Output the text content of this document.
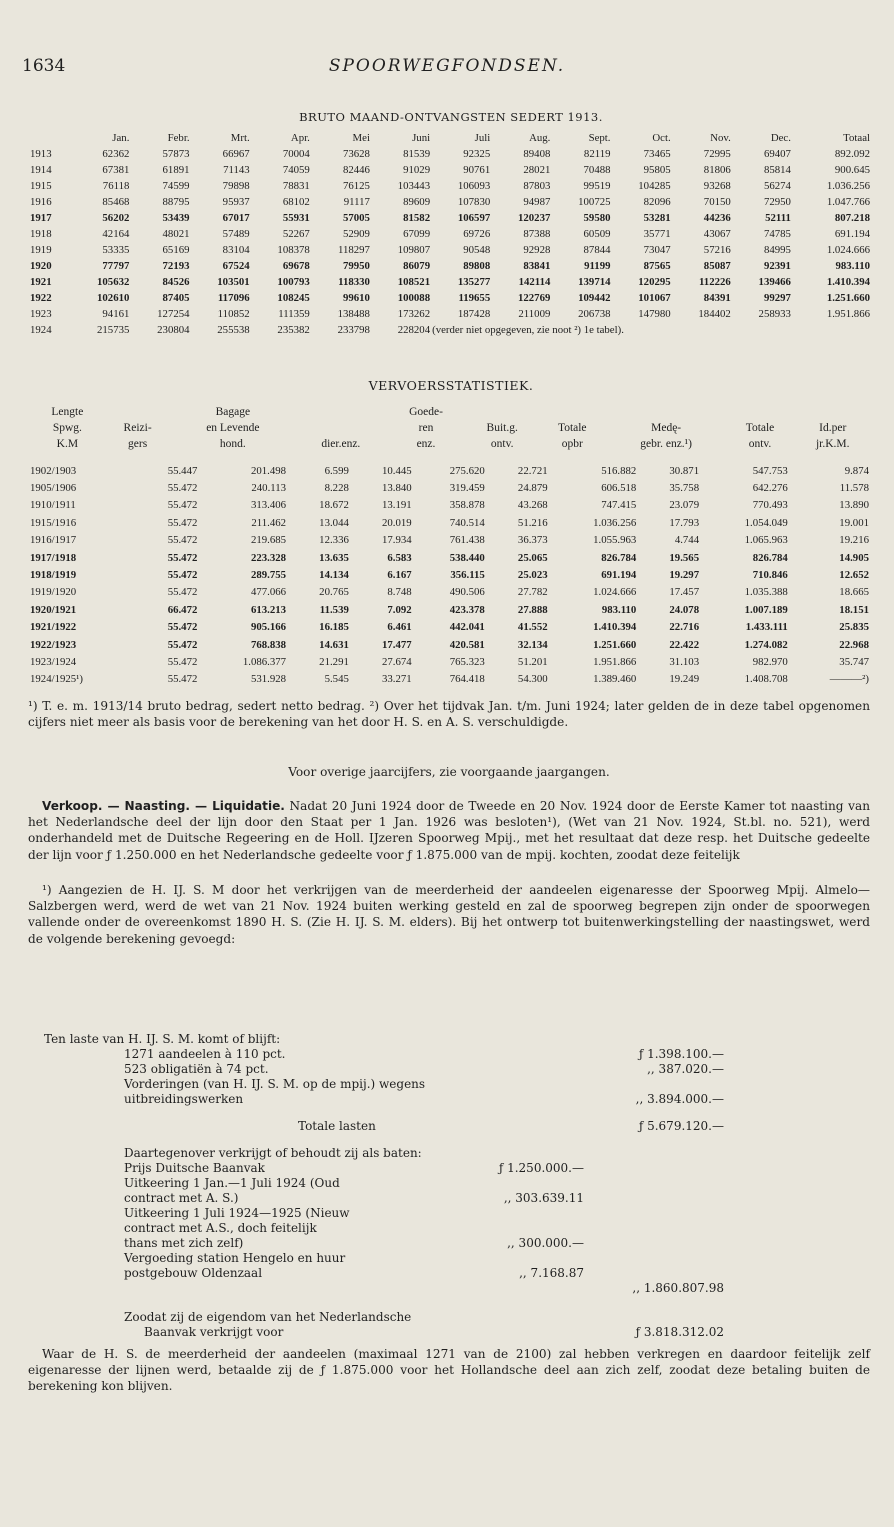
1634	SPOORWEGFONDSEN.
BRUTO MAAND-ONTVANGSTEN SEDERT 1913.
	Jan.	Febr.	Mrt.	Apr.	Mei	Juni	Juli	Aug.	Sept.	Oct.	Nov.	Dec.	Totaal
1913	62362	57873	66967	70004	73628	81539	92325	89408	82119	73465	72995	69407	892.092
1914	67381	61891	71143	74059	82446	91029	90761	28021	70488	95805	81806	85814	900.645
1915	76118	74599	79898	78831	76125	103443	106093	87803	99519	104285	93268	56274	1.036.256
1916	85468	88795	95937	68102	91117	89609	107830	94987	100725	82096	70150	72950	1.047.766
1917	56202	53439	67017	55931	57005	81582	106597	120237	59580	53281	44236	52111	807.218
1918	42164	48021	57489	52267	52909	67099	69726	87388	60509	35771	43067	74785	691.194
1919	53335	65169	83104	108378	118297	109807	90548	92928	87844	73047	57216	84995	1.024.666
1920	77797	72193	67524	69678	79950	86079	89808	83841	91199	87565	85087	92391	983.110
1921	105632	84526	103501	100793	118330	108521	135277	142114	139714	120295	112226	139466	1.410.394
1922	102610	87405	117096	108245	99610	100088	119655	122769	109442	101067	84391	99297	1.251.660
1923	94161	127254	110852	111359	138488	173262	187428	211009	206738	147980	184402	258933	1.951.866
1924	215735	230804	255538	235382	233798	228204	(verder niet opgegeven, zie noot ²) 1e tabel).						
VERVOERSSTATISTIEK.
	Lengte		Bagage		Goede-					
	Spwg.	Reizi-	en Levende		ren	Buit.g.	Totale	Medę-	Totale	Id.per
	K.M	gers	hond.	dier.enz.	enz.	ontv.	opbr	gebr. enz.¹)	ontv.	jr.K.M.
1902/1903	55.447	201.498	6.599	10.445	275.620	22.721	516.882	30.871	547.753	9.874
1905/1906	55.472	240.113	8.228	13.840	319.459	24.879	606.518	35.758	642.276	11.578
1910/1911	55.472	313.406	18.672	13.191	358.878	43.268	747.415	23.079	770.493	13.890
1915/1916	55.472	211.462	13.044	20.019	740.514	51.216	1.036.256	17.793	1.054.049	19.001
1916/1917	55.472	219.685	12.336	17.934	761.438	36.373	1.055.963	4.744	1.065.963	19.216
1917/1918	55.472	223.328	13.635	6.583	538.440	25.065	826.784	19.565	826.784	14.905
1918/1919	55.472	289.755	14.134	6.167	356.115	25.023	691.194	19.297	710.846	12.652
1919/1920	55.472	477.066	20.765	8.748	490.506	27.782	1.024.666	17.457	1.035.388	18.665
1920/1921	66.472	613.213	11.539	7.092	423.378	27.888	983.110	24.078	1.007.189	18.151
1921/1922	55.472	905.166	16.185	6.461	442.041	41.552	1.410.394	22.716	1.433.111	25.835
1922/1923	55.472	768.838	14.631	17.477	420.581	32.134	1.251.660	22.422	1.274.082	22.968
1923/1924	55.472	1.086.377	21.291	27.674	765.323	51.201	1.951.866	31.103	982.970	35.747
1924/1925¹)	55.472	531.928	5.545	33.271	764.418	54.300	1.389.460	19.249	1.408.708	———²)

¹) T. e. m. 1913/14 bruto bedrag, sedert netto bedrag. ²) Over het tijdvak Jan. t/m. Juni 1924; later gelden de in deze tabel opgenomen cijfers niet meer als basis voor de berekening van het door H. S. en A. S. verschuldigde.

Voor overige jaarcijfers, zie voorgaande jaargangen.

Verkoop. — Naasting. — Liquidatie. Nadat 20 Juni 1924 door de Tweede en 20 Nov. 1924 door de Eerste Kamer tot naasting van het Nederlandsche deel der lijn door den Staat per 1 Jan. 1926 was besloten¹), (Wet van 21 Nov. 1924, St.bl. no. 521), werd onderhandeld met de Duitsche Regeering en de Holl. IJzeren Spoorweg Mpij., met het resultaat dat deze resp. het Duitsche gedeelte der lijn voor ƒ 1.250.000 en het Nederlandsche gedeelte voor ƒ 1.875.000 van de mpij. kochten, zoodat deze feitelijk

¹) Aangezien de H. IJ. S. M door het verkrijgen van de meerderheid der aandeelen eigenaresse der Spoorweg Mpij. Almelo—Salzbergen werd, werd de wet van 21 Nov. 1924 buiten werking gesteld en zal de spoorweg begrepen zijn onder de spoorwegen vallende onder de overeenkomst 1890 H. S. (Zie H. IJ. S. M. elders). Bij het ontwerp tot buitenwerkingstelling der naastingswet, werd de volgende berekening gevoegd:

Ten laste van H. IJ. S. M. komt of blijft:
1271 aandeelen à 110 pct.	ƒ 1.398.100.—
523 obligatiën à 74 pct.	,, 387.020.—
Vorderingen (van H. IJ. S. M. op de mpij.) wegens
uitbreidingswerken	,, 3.894.000.—
Totale lasten	ƒ 5.679.120.—
Daartegenover verkrijgt of behoudt zij als baten:
Prijs Duitsche Baanvak	ƒ 1.250.000.—
Uitkeering 1 Jan.—1 Juli 1924 (Oud
contract met A. S.)	,, 303.639.11
Uitkeering 1 Juli 1924—1925 (Nieuw
contract met A.S., doch feitelijk
thans met zich zelf)	,, 300.000.—
Vergoeding station Hengelo en huur
postgebouw Oldenzaal	,, 7.168.87
,, 1.860.807.98
Zoodat zij de eigendom van het Nederlandsche
Baanvak verkrijgt voor	ƒ 3.818.312.02

Waar de H. S. de meerderheid der aandeelen (maximaal 1271 van de 2100) zal hebben verkregen en daardoor feitelijk zelf eigenaresse der lijnen werd, betaalde zij de ƒ 1.875.000 voor het Hollandsche deel aan zich zelf, zoodat deze betaling buiten de berekening kon blijven.
